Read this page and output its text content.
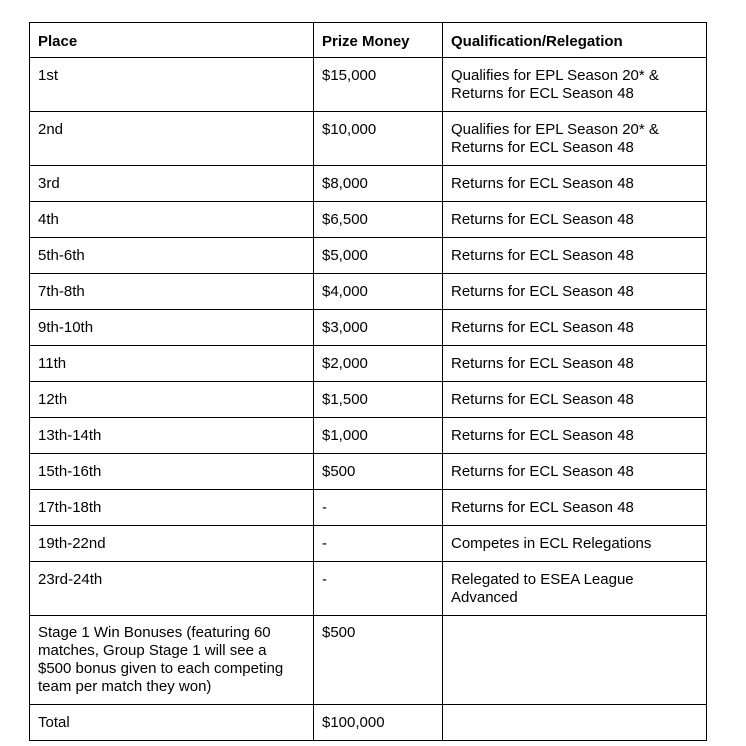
Place	Prize Money	Qualification/Relegation
1st	$15,000	Qualifies for EPL Season 20* &
Returns for ECL Season 48

2nd	$10,000	Qualifies for EPL Season 20* &
Returns for ECL Season 48

3rd	$8,000	Returns for ECL Season 48

4th	$6,500	Returns for ECL Season 48

5th-6th	$5,000	Returns for ECL Season 48

7th-8th	$4,000	Returns for ECL Season 48

9th-10th	$3,000	Returns for ECL Season 48

11th	$2,000	Returns for ECL Season 48

12th	$1,500	Returns for ECL Season 48

13th-14th	$1,000	Returns for ECL Season 48

15th-16th	$500	Returns for ECL Season 48

17th-18th	-	Returns for ECL Season 48

19th-22nd	-	Competes in ECL Relegations

23rd-24th	-	Relegated to ESEA League
Advanced

Stage 1 Win Bonuses (featuring 60
matches, Group Stage 1 will see a
$500 bonus given to each competing
team per match they won)	$500	
Total	$100,000	
